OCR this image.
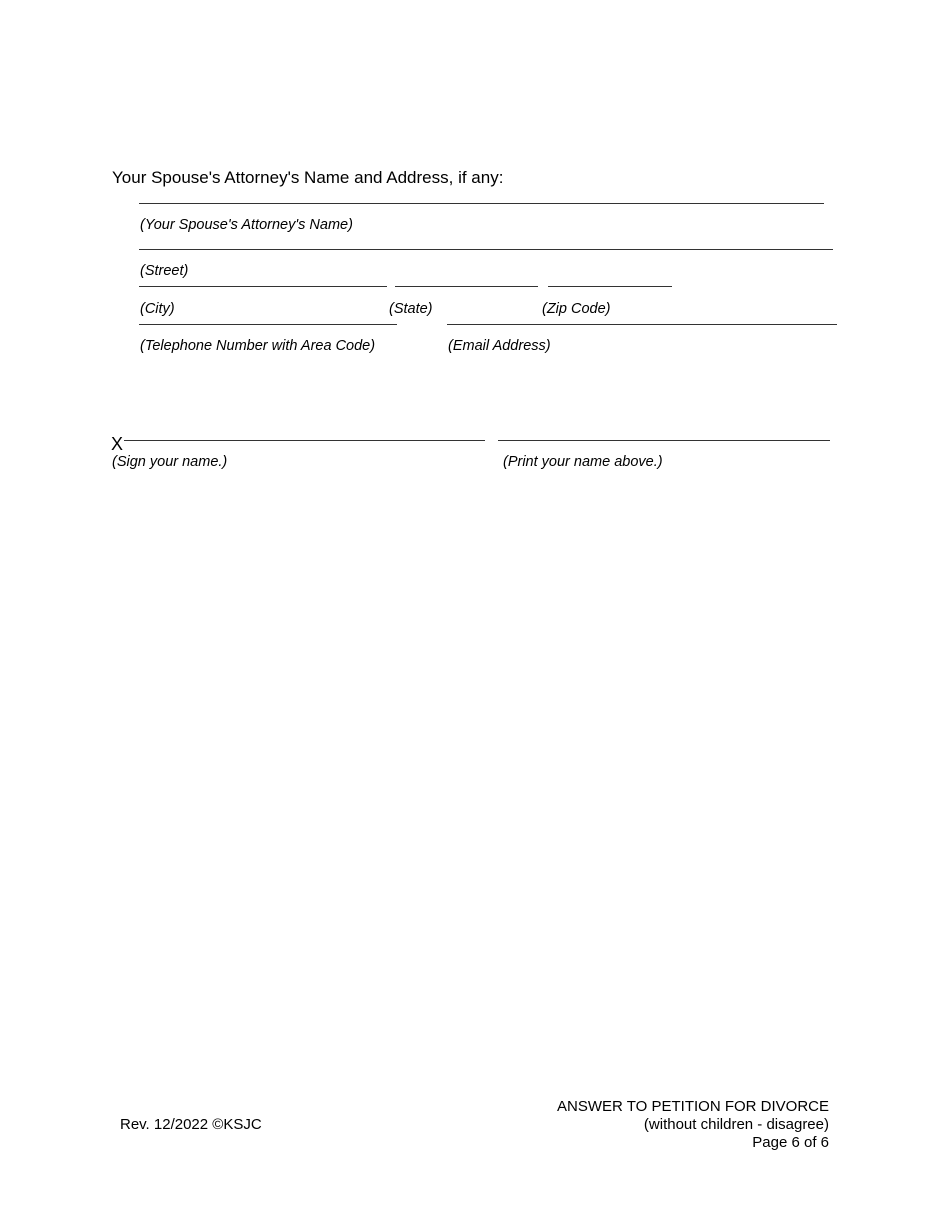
Your Spouse's Attorney's Name and Address, if any:
(Your Spouse's Attorney's Name)
(Street)
(City)	(State)	(Zip Code)
(Telephone Number with Area Code)	(Email Address)
X
(Sign your name.)	(Print your name above.)
Rev. 12/2022 ©KSJC
ANSWER TO PETITION FOR DIVORCE
(without children - disagree)
Page 6 of 6
